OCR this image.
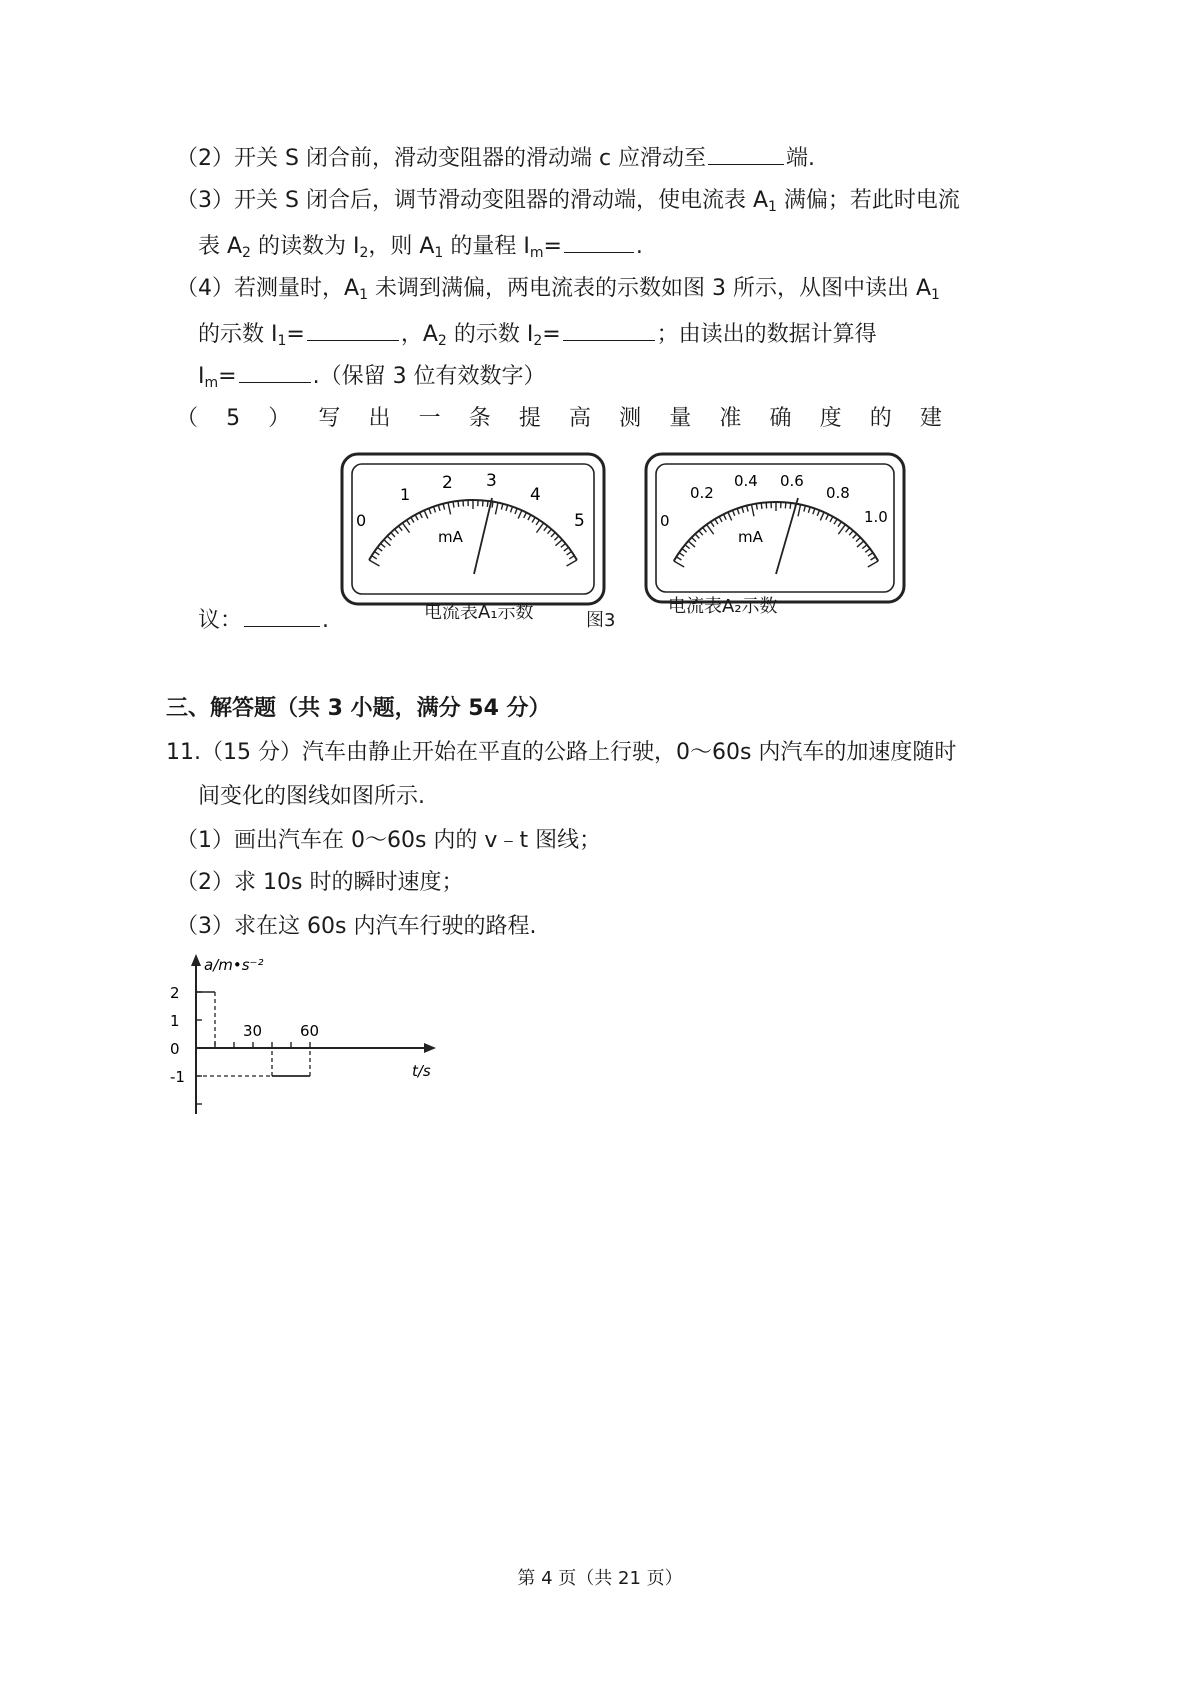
（2）开关 S 闭合前，滑动变阻器的滑动端 c 应滑动至	端.
（3）开关 S 闭合后，调节滑动变阻器的滑动端，使电流表 $A_1$ 满偏；若此时电流
表 $A_2$ 的读数为 $I_2$，则 $A_1$ 的量程 $I_m=$	.
（4）若测量时，$A_1$ 未调到满偏，两电流表的示数如图 3 所示，从图中读出 $A_1$
的示数 $I_1=$	，$A_2$ 的示数 $I_2=$	；由读出的数据计算得
$I_m=$	.（保留 3 位有效数字）
（ 5 ） 写 出 一 条 提 高 测 量 准 确 度 的 建
0
1
2 3
4
5
mA
0
0.2
0.4 0.6
0.8
1.0
mA
电流表A₁示数	电流表A₂示数
图3
议：	.
三、解答题（共 3 小题，满分 54 分）
11.（15 分）汽车由静止开始在平直的公路上行驶，0～60s 内汽车的加速度随时
间变化的图线如图所示.
（1）画出汽车在 0～60s 内的 v﹣t 图线；
（2）求 10s 时的瞬时速度；
（3）求在这 60s 内汽车行驶的路程.
a/m•s⁻²
t/s
2
1
0
-1
30	60
第 4 页（共 21 页）
